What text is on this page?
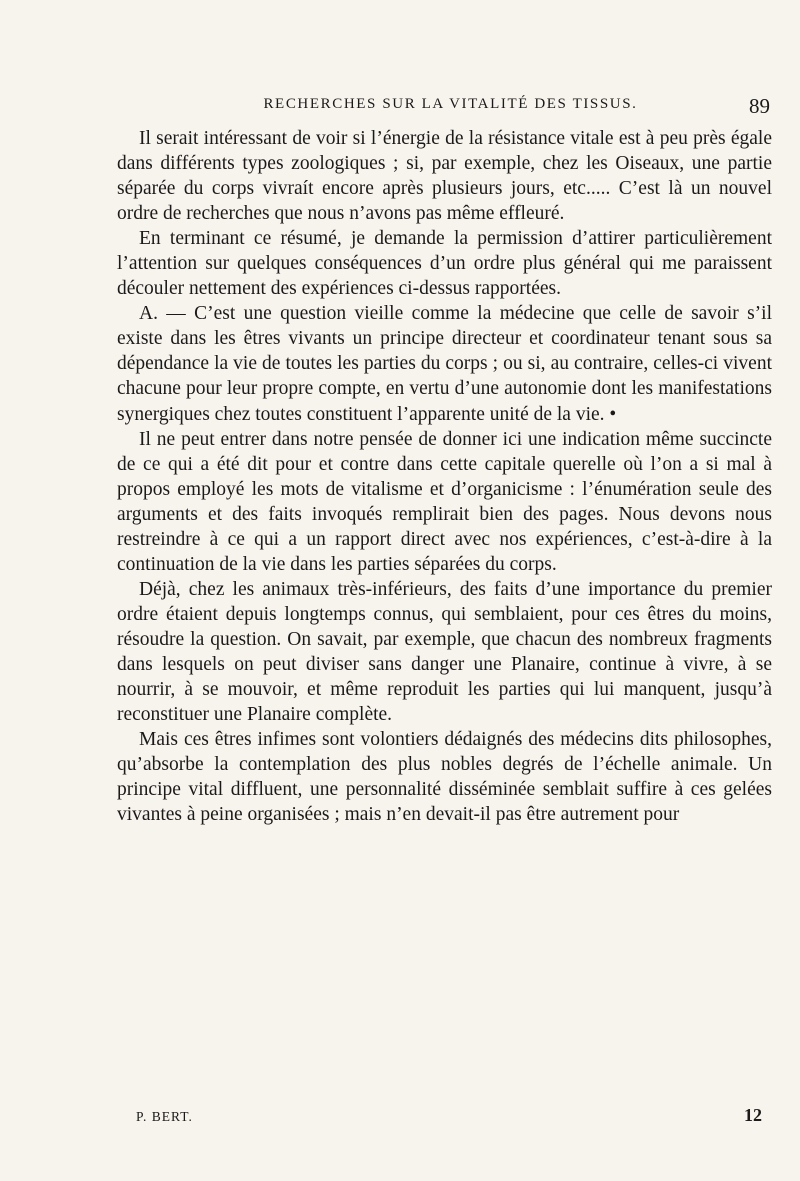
RECHERCHES SUR LA VITALITÉ DES TISSUS.	89

Il serait intéressant de voir si l’énergie de la résistance vitale est à peu près égale dans différents types zoologiques ; si, par exemple, chez les Oiseaux, une partie séparée du corps vivraít encore après plusieurs jours, etc..... C’est là un nouvel ordre de recherches que nous n’avons pas même effleuré.

En terminant ce résumé, je demande la permission d’attirer particulièrement l’attention sur quelques conséquences d’un ordre plus général qui me paraissent découler nettement des expériences ci-dessus rapportées.

A. — C’est une question vieille comme la médecine que celle de savoir s’il existe dans les êtres vivants un principe directeur et coordinateur tenant sous sa dépendance la vie de toutes les parties du corps ; ou si, au contraire, celles-ci vivent chacune pour leur propre compte, en vertu d’une autonomie dont les manifestations synergiques chez toutes constituent l’apparente unité de la vie. •

Il ne peut entrer dans notre pensée de donner ici une indication même succincte de ce qui a été dit pour et contre dans cette capitale querelle où l’on a si mal à propos employé les mots de vitalisme et d’organicisme : l’énumération seule des arguments et des faits invoqués remplirait bien des pages. Nous devons nous restreindre à ce qui a un rapport direct avec nos expériences, c’est-à-dire à la continuation de la vie dans les parties séparées du corps.

Déjà, chez les animaux très-inférieurs, des faits d’une importance du premier ordre étaient depuis longtemps connus, qui semblaient, pour ces êtres du moins, résoudre la question. On savait, par exemple, que chacun des nombreux fragments dans lesquels on peut diviser sans danger une Planaire, continue à vivre, à se nourrir, à se mouvoir, et même reproduit les parties qui lui manquent, jusqu’à reconstituer une Planaire complète.

Mais ces êtres infimes sont volontiers dédaignés des médecins dits philosophes, qu’absorbe la contemplation des plus nobles degrés de l’échelle animale. Un principe vital diffluent, une personnalité disséminée semblait suffire à ces gelées vivantes à peine organisées ; mais n’en devait-il pas être autrement pour

P. BERT.	12
